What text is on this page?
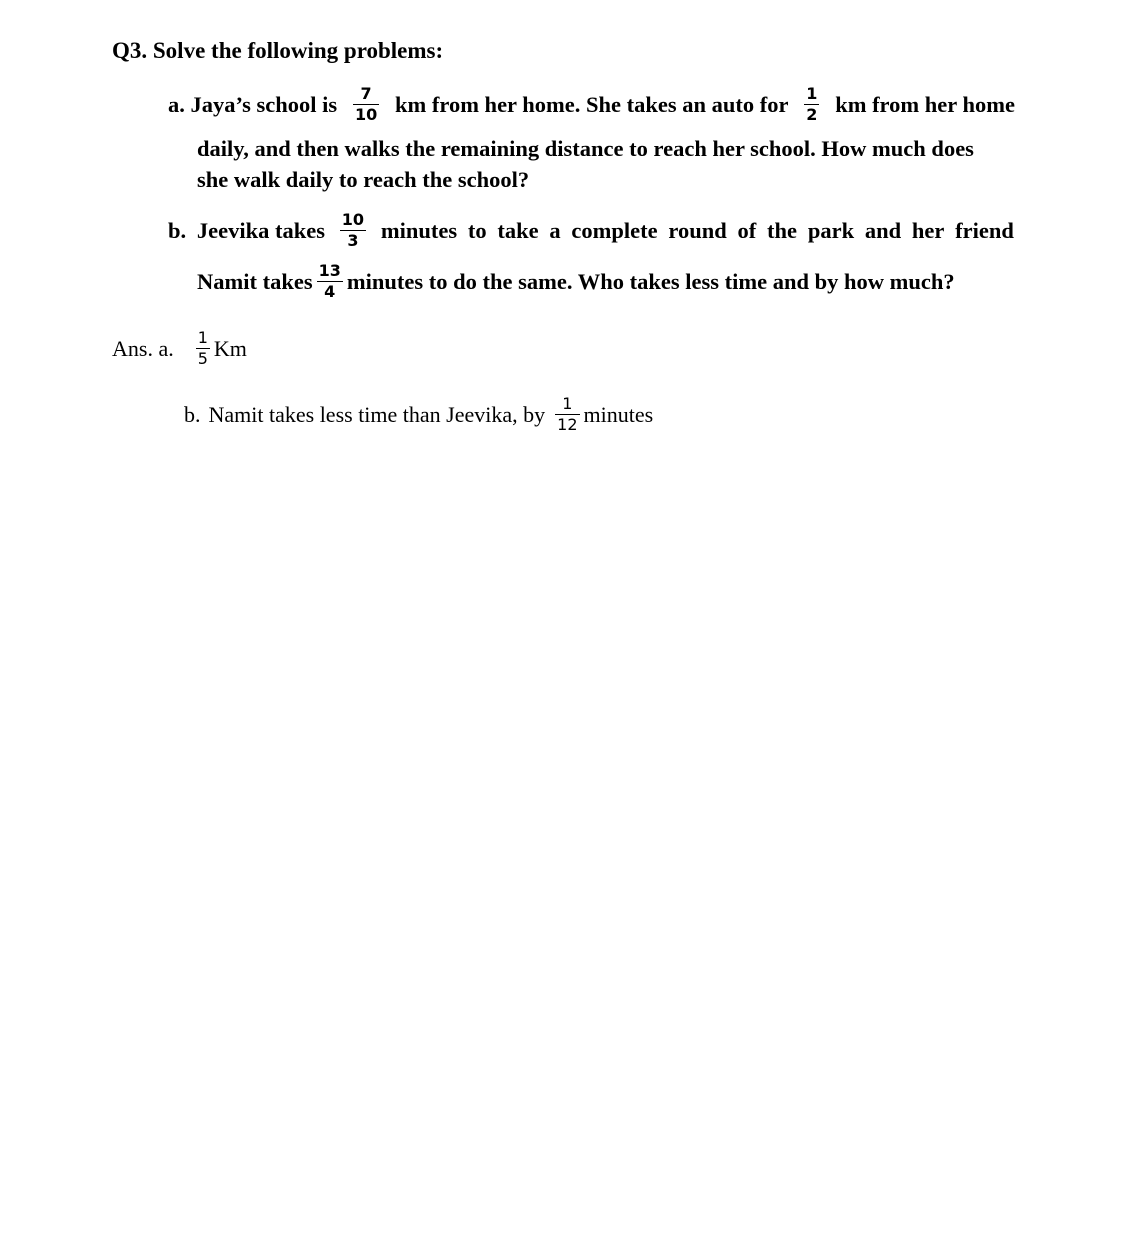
Q3. Solve the following problems:
a. Jaya’s school is $\frac{7}{10}$ km from her home. She takes an auto for $\frac{1}{2}$ km from her home
daily, and then walks the remaining distance to reach her school. How much does
she walk daily to reach the school?
b. Jeevika takes $\frac{10}{3}$ minutes to take a complete round of the park and her friend
Namit takes $\frac{13}{4}$ minutes to do the same. Who takes less time and by how much?
Ans. a. $\frac{1}{5}$ Km
b. Namit takes less time than Jeevika, by $\frac{1}{12}$ minutes
